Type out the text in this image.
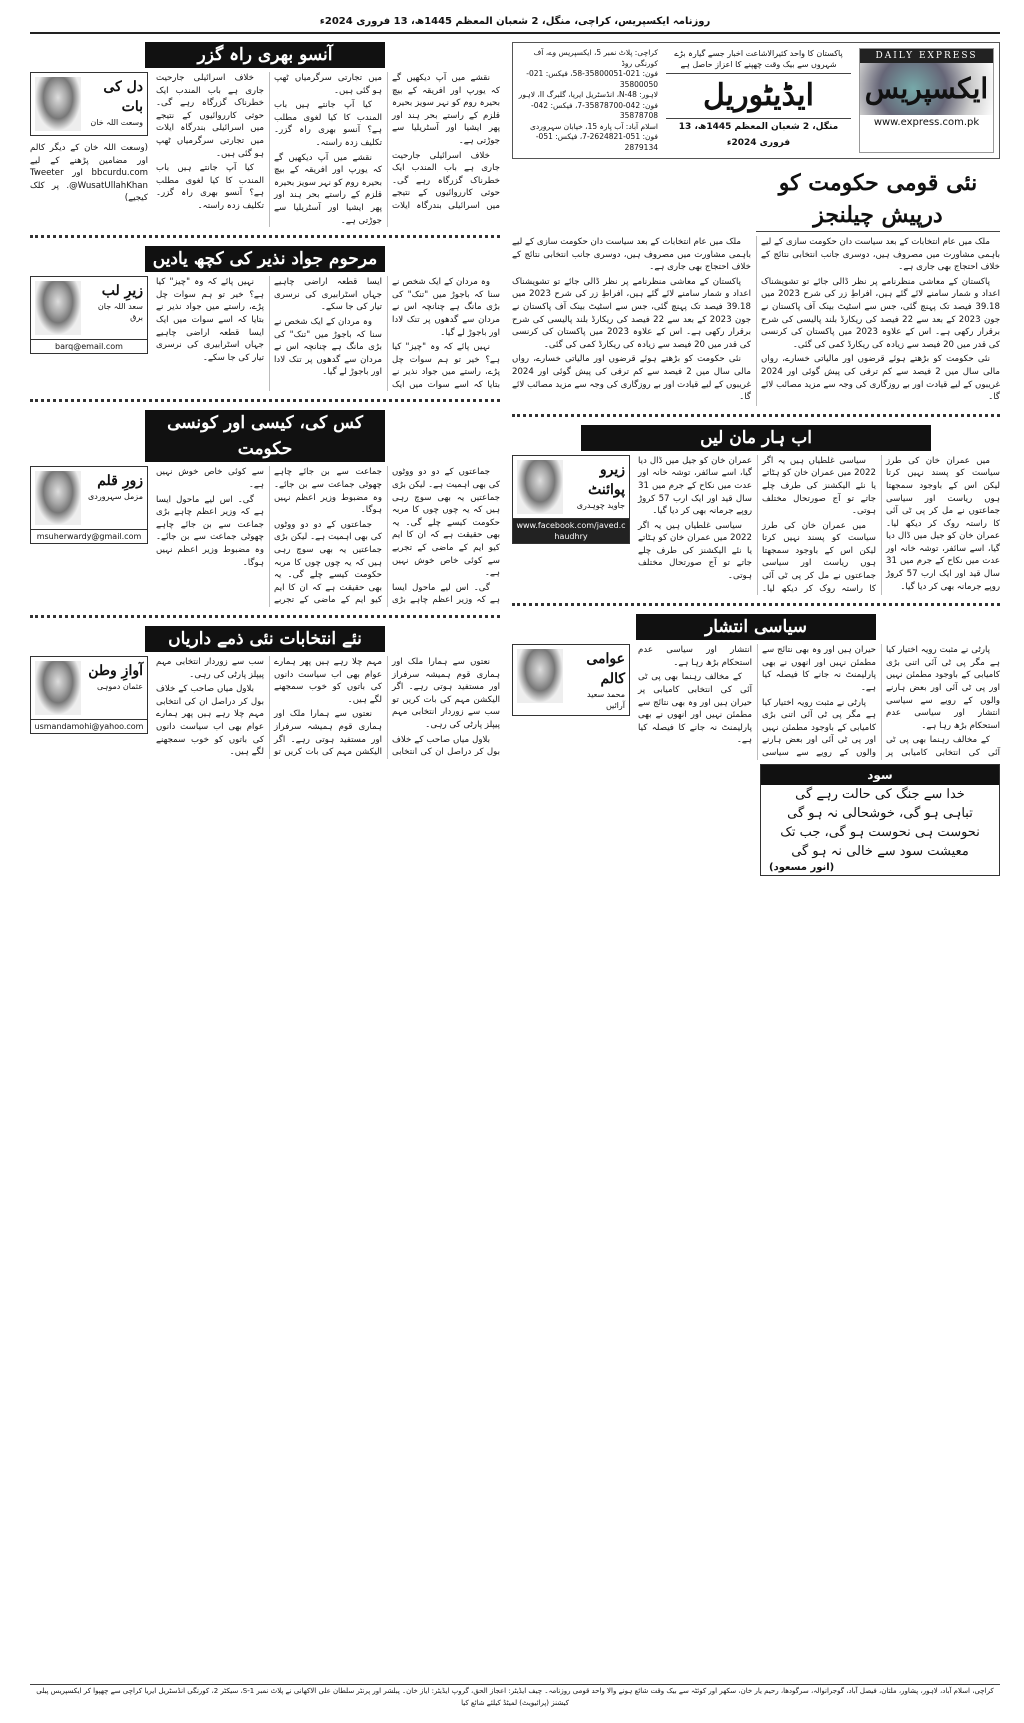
روزنامہ ایکسپریس، کراچی، منگل، 2 شعبان المعظم 1445ھ، 13 فروری 2024ء
DAILY EXPRESS
ایکسپریس
www.express.com.pk
پاکستان کا واحد کثیرالاشاعت اخبار جسے گیارہ بڑے شہروں سے بیک وقت چھپنے کا اعزاز حاصل ہے
ایڈیٹوریل
منگل، 2 شعبان المعظم 1445ھ، 13 فروری 2024ء
کراچی: پلاٹ نمبر 5، ایکسپریس وے، آف کورنگی روڈ
فون: 021-35800051-58، فیکس: 021-35800050
لاہور: 48-N، انڈسٹریل ایریا، گلبرگ II، لاہور
فون: 042-35878700-7، فیکس: 042-35878708
اسلام آباد: آب پارہ 15، خیابان سہروردی
فون: 051-2624821-7، فیکس: 051-2879134
نئی قومی حکومت کو درپیش چیلنجز

ملک میں عام انتخابات کے بعد سیاست دان حکومت سازی کے لیے باہمی مشاورت میں مصروف ہیں، دوسری جانب انتخابی نتائج کے خلاف احتجاج بھی جاری ہے۔

پاکستان کے معاشی منظرنامے پر نظر ڈالی جائے تو تشویشناک اعداد و شمار سامنے لائے گئے ہیں، افراطِ زر کی شرح 2023 میں 39.18 فیصد تک پہنچ گئی، جس سے اسٹیٹ بینک آف پاکستان نے جون 2023 کے بعد سے 22 فیصد کی ریکارڈ بلند پالیسی کی شرح برقرار رکھی ہے۔ اس کے علاوہ 2023 میں پاکستان کی کرنسی کی قدر میں 20 فیصد سے زیادہ کی ریکارڈ کمی کی گئی۔

نئی حکومت کو بڑھتے ہوئے قرضوں اور مالیاتی خسارے، رواں مالی سال میں 2 فیصد سے کم ترقی کی پیش گوئی اور 2024 غریبوں کے لیے قیادت اور بے روزگاری کی وجہ سے مزید مصائب لائے گا۔

ملک میں عام انتخابات کے بعد سیاست دان حکومت سازی کے لیے باہمی مشاورت میں مصروف ہیں، دوسری جانب انتخابی نتائج کے خلاف احتجاج بھی جاری ہے۔

پاکستان کے معاشی منظرنامے پر نظر ڈالی جائے تو تشویشناک اعداد و شمار سامنے لائے گئے ہیں، افراطِ زر کی شرح 2023 میں 39.18 فیصد تک پہنچ گئی، جس سے اسٹیٹ بینک آف پاکستان نے جون 2023 کے بعد سے 22 فیصد کی ریکارڈ بلند پالیسی کی شرح برقرار رکھی ہے۔ اس کے علاوہ 2023 میں پاکستان کی کرنسی کی قدر میں 20 فیصد سے زیادہ کی ریکارڈ کمی کی گئی۔

نئی حکومت کو بڑھتے ہوئے قرضوں اور مالیاتی خسارے، رواں مالی سال میں 2 فیصد سے کم ترقی کی پیش گوئی اور 2024 غریبوں کے لیے قیادت اور بے روزگاری کی وجہ سے مزید مصائب لائے گا۔

اب ہار مان لیں

میں عمران خان کی طرز سیاست کو پسند نہیں کرتا لیکن اس کے باوجود سمجھتا ہوں ریاست اور سیاسی جماعتوں نے مل کر پی ٹی آئی کا راستہ روک کر دیکھ لیا۔ عمران خان کو جیل میں ڈال دیا گیا، اسے سائفر، توشہ خانہ اور عدت میں نکاح کے جرم میں 31 سال قید اور ایک ارب 57 کروڑ روپے جرمانہ بھی کر دیا گیا۔

سیاسی غلطیاں ہیں یہ اگر 2022 میں عمران خان کو ہٹاتے یا نئے الیکشنز کی طرف چلے جاتے تو آج صورتحال مختلف ہوتی۔

میں عمران خان کی طرز سیاست کو پسند نہیں کرتا لیکن اس کے باوجود سمجھتا ہوں ریاست اور سیاسی جماعتوں نے مل کر پی ٹی آئی کا راستہ روک کر دیکھ لیا۔ عمران خان کو جیل میں ڈال دیا گیا، اسے سائفر، توشہ خانہ اور عدت میں نکاح کے جرم میں 31 سال قید اور ایک ارب 57 کروڑ روپے جرمانہ بھی کر دیا گیا۔

سیاسی غلطیاں ہیں یہ اگر 2022 میں عمران خان کو ہٹاتے یا نئے الیکشنز کی طرف چلے جاتے تو آج صورتحال مختلف ہوتی۔

زیرو پوائنٹ
جاوید چوہدری
www.facebook.com/javed.chaudhry
سیاسی انتشار

پارٹی نے مثبت رویہ اختیار کیا ہے مگر پی ٹی آئی اتنی بڑی کامیابی کے باوجود مطمئن نہیں اور پی ٹی آئی اور بعض ہارنے والوں کے رویے سے سیاسی انتشار اور سیاسی عدم استحکام بڑھ رہا ہے۔

کے مخالف رہنما بھی پی ٹی آئی کی انتخابی کامیابی پر حیران ہیں اور وہ بھی نتائج سے مطمئن نہیں اور انھوں نے بھی پارلیمنٹ نہ جانے کا فیصلہ کیا ہے۔

پارٹی نے مثبت رویہ اختیار کیا ہے مگر پی ٹی آئی اتنی بڑی کامیابی کے باوجود مطمئن نہیں اور پی ٹی آئی اور بعض ہارنے والوں کے رویے سے سیاسی انتشار اور سیاسی عدم استحکام بڑھ رہا ہے۔

کے مخالف رہنما بھی پی ٹی آئی کی انتخابی کامیابی پر حیران ہیں اور وہ بھی نتائج سے مطمئن نہیں اور انھوں نے بھی پارلیمنٹ نہ جانے کا فیصلہ کیا ہے۔

عوامی کالم
محمد سعید آرائیں
سود
خدا سے جنگ کی حالت رہے گی
تباہی ہو گی، خوشحالی نہ ہو گی
نحوست ہی نحوست ہو گی، جب تک
معیشت سود سے خالی نہ ہو گی
(انور مسعود)
آنسو بھری راہ گزر

نقشے میں آپ دیکھیں گے کہ یورپ اور افریقہ کے بیچ بحیرہ روم کو نہر سویز بحیرہ قلزم کے راستے بحر ہند اور پھر ایشیا اور آسٹریلیا سے جوڑتی ہے۔

خلاف اسرائیلی جارحیت جاری ہے باب المندب ایک خطرناک گزرگاہ رہے گی۔ حوثی کارروائیوں کے نتیجے میں اسرائیلی بندرگاہ ایلات میں تجارتی سرگرمیاں ٹھپ ہو گئی ہیں۔

کیا آپ جانتے ہیں باب المندب کا کیا لغوی مطلب ہے؟ آنسو بھری راہ گزر۔ تکلیف زدہ راستہ۔

نقشے میں آپ دیکھیں گے کہ یورپ اور افریقہ کے بیچ بحیرہ روم کو نہر سویز بحیرہ قلزم کے راستے بحر ہند اور پھر ایشیا اور آسٹریلیا سے جوڑتی ہے۔

خلاف اسرائیلی جارحیت جاری ہے باب المندب ایک خطرناک گزرگاہ رہے گی۔ حوثی کارروائیوں کے نتیجے میں اسرائیلی بندرگاہ ایلات میں تجارتی سرگرمیاں ٹھپ ہو گئی ہیں۔

کیا آپ جانتے ہیں باب المندب کا کیا لغوی مطلب ہے؟ آنسو بھری راہ گزر۔ تکلیف زدہ راستہ۔

دل کی بات
وسعت اللہ خان
(وسعت اللہ خان کے دیگر کالم اور مضامین پڑھنے کے لیے bbcurdu.com اور Tweeter @WusatUllahKhan. پر کلک کیجیے)
مرحوم جواد نذیر کی کچھ یادیں

وہ مردان کے ایک شخص نے سنا کہ باجوڑ میں "تنک" کی بڑی مانگ ہے چنانچہ اس نے مردان سے گدھوں پر تنک لادا اور باجوڑ لے گیا۔

نہیں پائے کہ وہ "چیز" کیا ہے؟ خیر تو ہم سوات چل پڑے، راستے میں جواد نذیر نے بتایا کہ اسے سوات میں ایک ایسا قطعہ اراضی چاہیے جہاں اسٹرابیری کی نرسری تیار کی جا سکے۔

وہ مردان کے ایک شخص نے سنا کہ باجوڑ میں "تنک" کی بڑی مانگ ہے چنانچہ اس نے مردان سے گدھوں پر تنک لادا اور باجوڑ لے گیا۔

نہیں پائے کہ وہ "چیز" کیا ہے؟ خیر تو ہم سوات چل پڑے، راستے میں جواد نذیر نے بتایا کہ اسے سوات میں ایک ایسا قطعہ اراضی چاہیے جہاں اسٹرابیری کی نرسری تیار کی جا سکے۔

زیرِ لب
سعد اللہ جان برق
barq@email.com
کس کی، کیسی اور کونسی حکومت

جماعتوں کے دو دو ووٹوں کی بھی اہمیت ہے۔ لیکن بڑی جماعتیں یہ بھی سوچ رہی ہیں کہ یہ چوں چوں کا مربہ حکومت کیسے چلے گی۔ یہ بھی حقیقت ہے کہ ان کا ایم کیو ایم کے ماضی کے تجربے سے کوئی خاص خوش نہیں ہے۔

گی۔ اس لیے ماحول ایسا ہے کہ وزیر اعظم چاہے بڑی جماعت سے بن جائے چاہے چھوٹی جماعت سے بن جائے۔ وہ مضبوط وزیر اعظم نہیں ہوگا۔

جماعتوں کے دو دو ووٹوں کی بھی اہمیت ہے۔ لیکن بڑی جماعتیں یہ بھی سوچ رہی ہیں کہ یہ چوں چوں کا مربہ حکومت کیسے چلے گی۔ یہ بھی حقیقت ہے کہ ان کا ایم کیو ایم کے ماضی کے تجربے سے کوئی خاص خوش نہیں ہے۔

گی۔ اس لیے ماحول ایسا ہے کہ وزیر اعظم چاہے بڑی جماعت سے بن جائے چاہے چھوٹی جماعت سے بن جائے۔ وہ مضبوط وزیر اعظم نہیں ہوگا۔

زورِ قلم
مزمل سہروردی
msuherwardy@gmail.com
نئے انتخابات نئی ذمے داریاں

نعتوں سے ہمارا ملک اور ہماری قوم ہمیشہ سرفراز اور مستفید ہوتی رہے۔ اگر الیکشن مہم کی بات کریں تو سب سے زوردار انتخابی مہم پیپلز پارٹی کی رہی۔

بلاول میاں صاحب کے خلاف بول کر دراصل ان کی انتخابی مہم چلا رہے ہیں پھر ہمارے عوام بھی اب سیاست دانوں کی باتوں کو خوب سمجھنے لگے ہیں۔

نعتوں سے ہمارا ملک اور ہماری قوم ہمیشہ سرفراز اور مستفید ہوتی رہے۔ اگر الیکشن مہم کی بات کریں تو سب سے زوردار انتخابی مہم پیپلز پارٹی کی رہی۔

بلاول میاں صاحب کے خلاف بول کر دراصل ان کی انتخابی مہم چلا رہے ہیں پھر ہمارے عوام بھی اب سیاست دانوں کی باتوں کو خوب سمجھنے لگے ہیں۔

آوازِ وطن
عثمان دموہی
usmandamohi@yahoo.com
کراچی، اسلام آباد، لاہور، پشاور، ملتان، فیصل آباد، گوجرانوالہ، سرگودھا، رحیم یار خان، سکھر اور کوئٹہ سے بیک وقت شائع ہونے والا واحد قومی روزنامہ۔ چیف ایڈیٹر: اعجاز الحق، گروپ ایڈیٹر: ایاز خان۔ پبلشر اور پرنٹر سلطان علی الاکھانی نے پلاٹ نمبر S-1، سیکٹر 2، کورنگی انڈسٹریل ایریا کراچی سے چھپوا کر ایکسپریس پبلی کیشنز (پرائیویٹ) لمیٹڈ کیلئے شائع کیا
